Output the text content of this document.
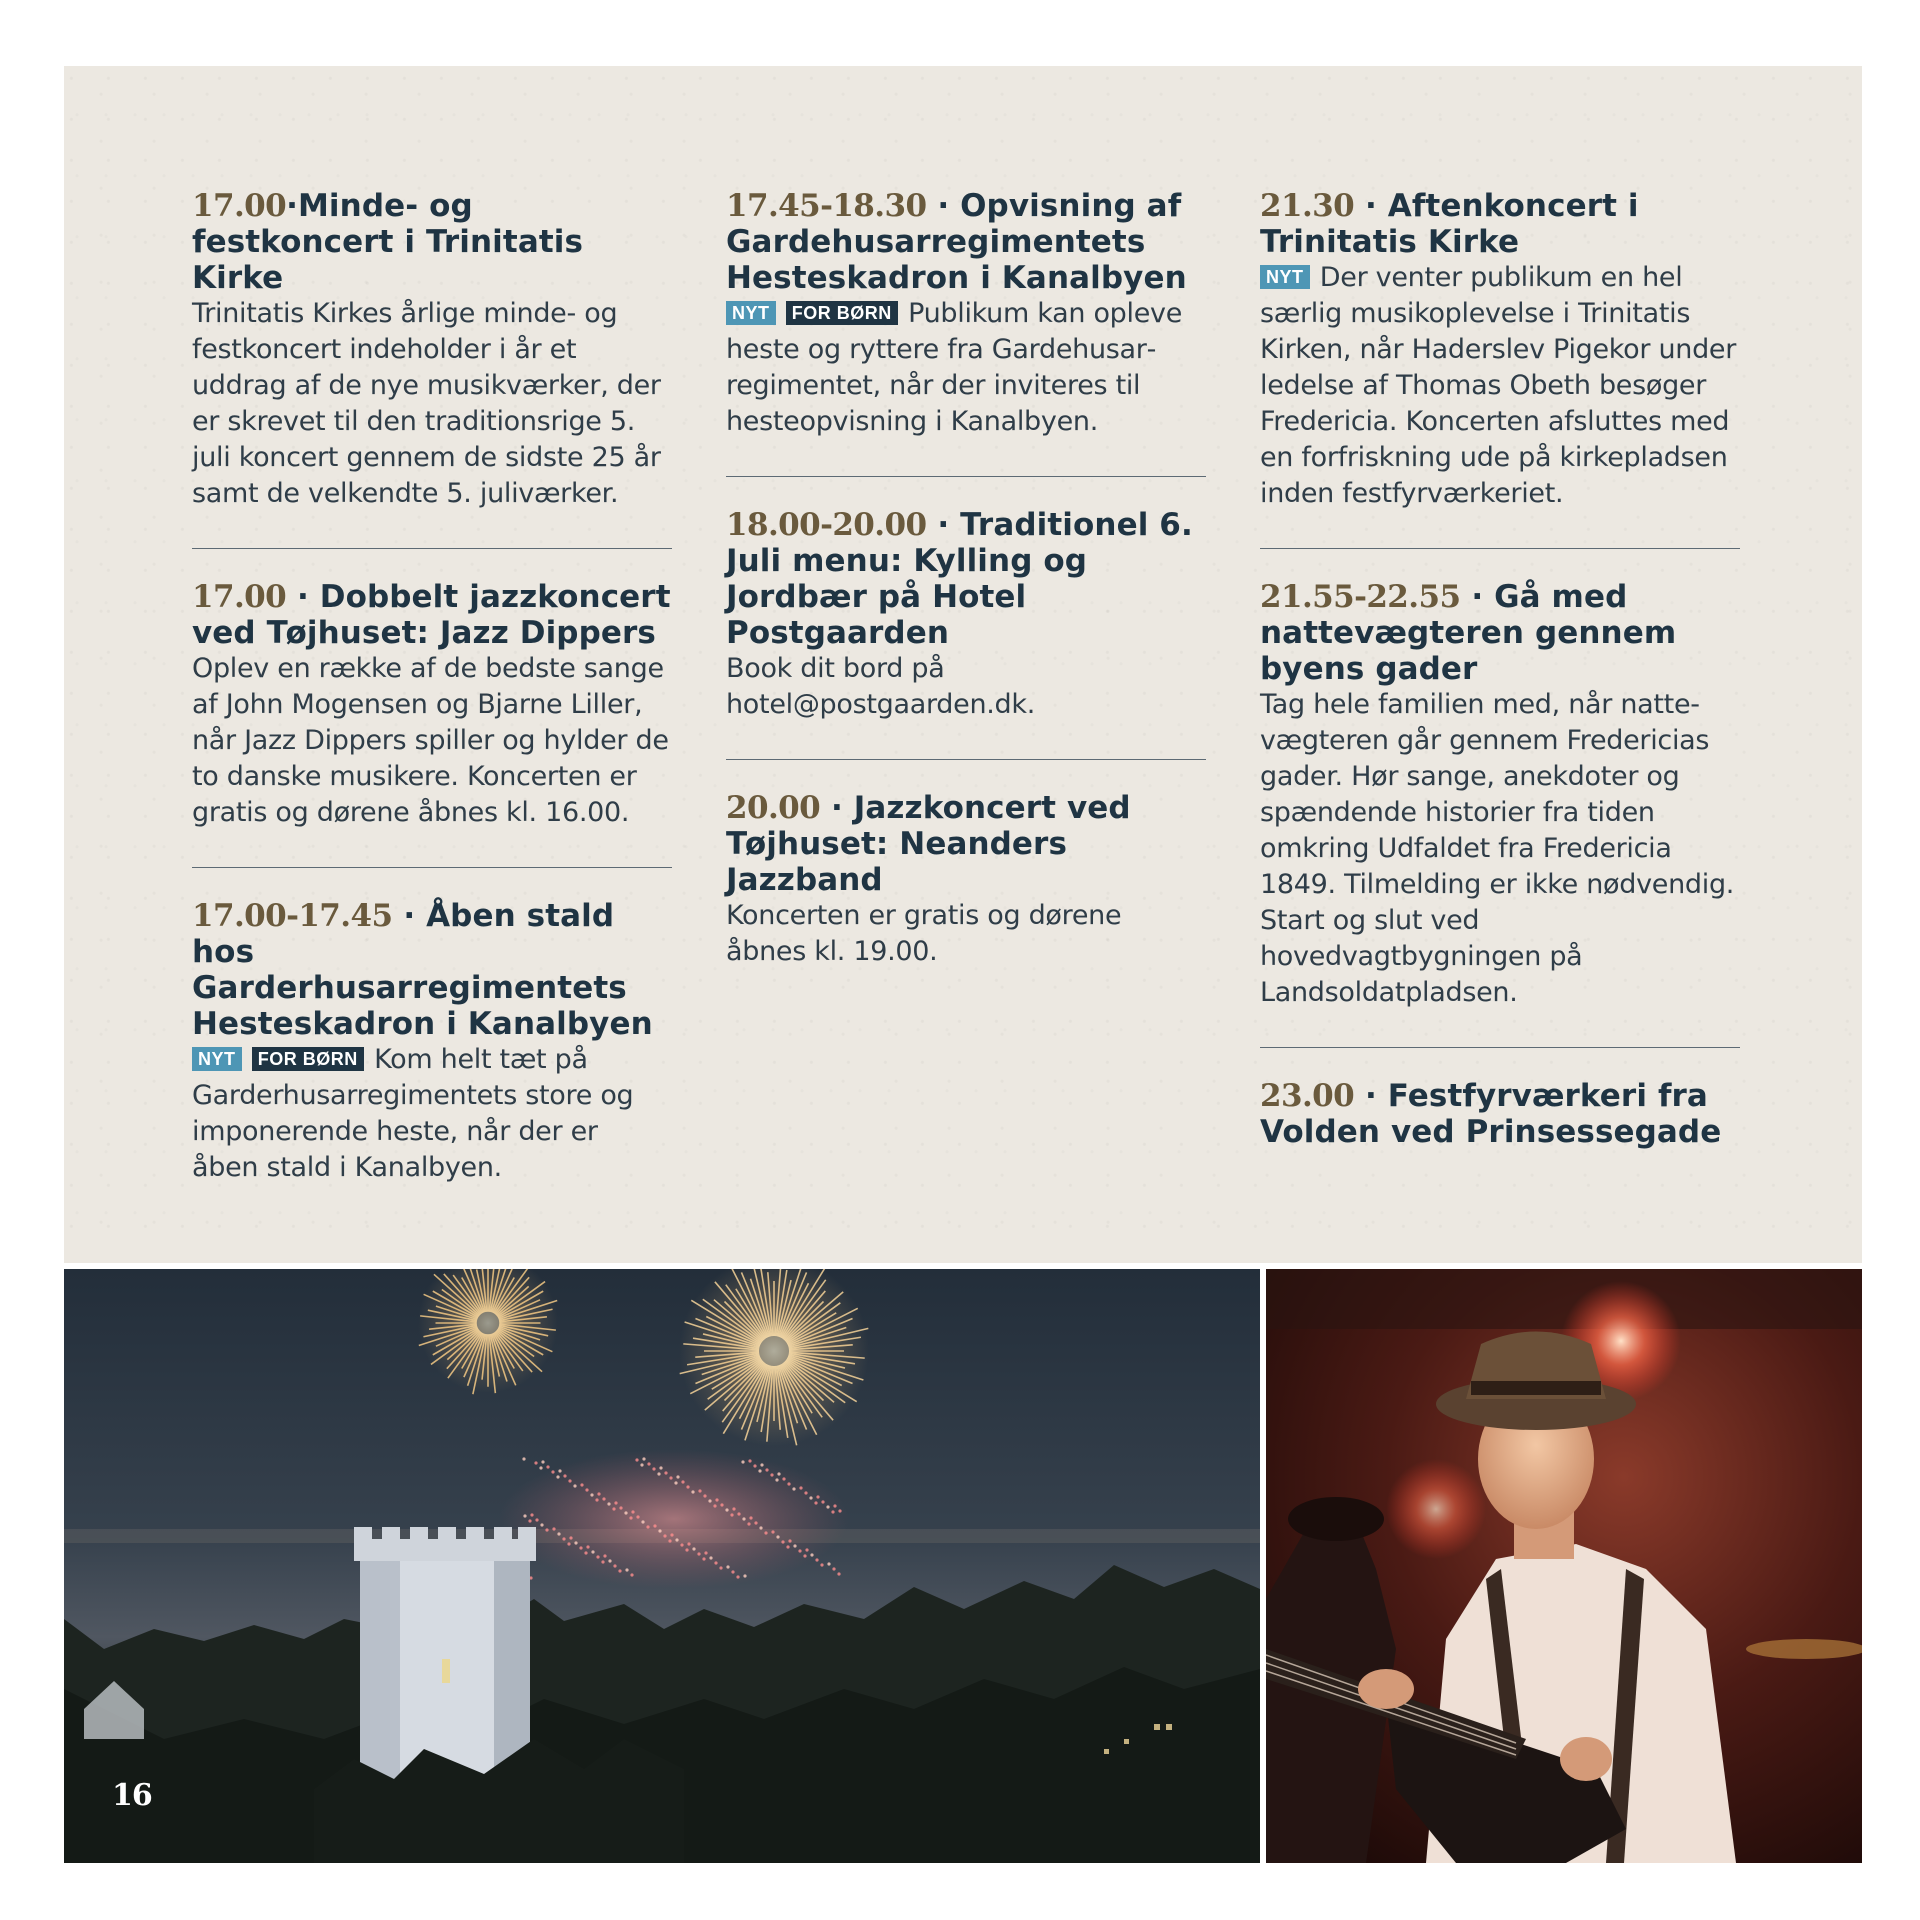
17.00·Minde- og festkoncert i Trinitatis Kirke
Trinitatis Kirkes årlige minde- og festkoncert indeholder i år et uddrag af de nye musikværker, der er skrevet til den traditionsrige 5. juli koncert gennem de sidste 25 år samt de velkendte 5. juliværker.
17.00 · Dobbelt jazzkoncert ved Tøjhuset: Jazz Dippers
Oplev en række af de bedste sange af John Mogensen og Bjarne Liller, når Jazz Dippers spiller og hylder de to danske musikere. Koncerten er gratis og dørene åbnes kl. 16.00.
17.00-17.45 · Åben stald hos Garderhusarregimentets Hesteskadron i Kanalbyen
NYT FOR BØRN Kom helt tæt på Garderhusarregimentets store og imponerende heste, når der er åben stald i Kanalbyen.
17.45-18.30 · Opvisning af Gardehusarregimentets Hesteskadron i Kanalbyen
NYT FOR BØRN Publikum kan opleve heste og ryttere fra Gardehusarregimentet, når der inviteres til hesteopvisning i Kanalbyen.
18.00-20.00 · Traditionel 6. Juli menu: Kylling og Jordbær på Hotel Postgaarden
Book dit bord på hotel@postgaarden.dk.
20.00 · Jazzkoncert ved Tøjhuset: Neanders Jazzband
Koncerten er gratis og dørene åbnes kl. 19.00.
21.30 · Aftenkoncert i Trinitatis Kirke
NYT Der venter publikum en hel særlig musikoplevelse i Trinitatis Kirken, når Haderslev Pigekor under ledelse af Thomas Obeth besøger Fredericia. Koncerten afsluttes med en forfriskning ude på kirkepladsen inden festfyrværkeriet.
21.55-22.55 · Gå med nattevægteren gennem byens gader
Tag hele familien med, når nattevægteren går gennem Fredericias gader. Hør sange, anekdoter og spændende historier fra tiden omkring Udfaldet fra Fredericia 1849. Tilmelding er ikke nødvendig. Start og slut ved hovedvagtbygningen på Landsoldatpladsen.
23.00 · Festfyrværkeri fra Volden ved Prinsessegade
16
